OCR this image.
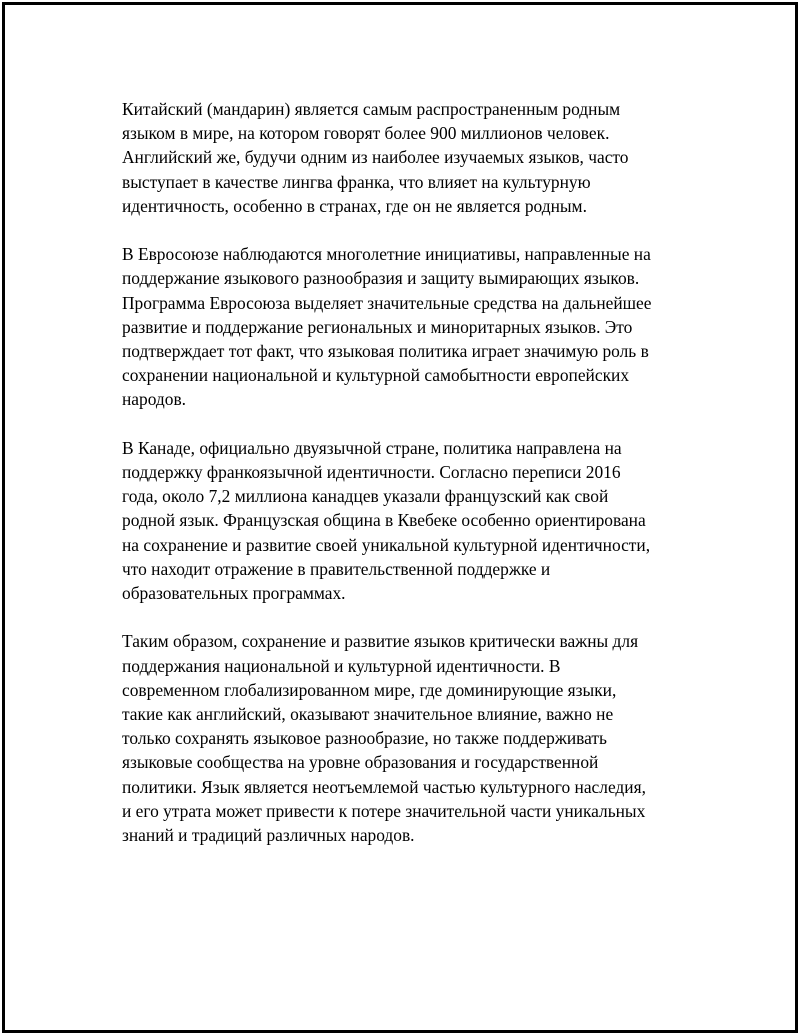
Китайский (мандарин) является самым распространенным родным
языком в мире, на котором говорят более 900 миллионов человек.
Английский же, будучи одним из наиболее изучаемых языков, часто
выступает в качестве лингва франка, что влияет на культурную
идентичность, особенно в странах, где он не является родным.

В Евросоюзе наблюдаются многолетние инициативы, направленные на
поддержание языкового разнообразия и защиту вымирающих языков.
Программа Евросоюза выделяет значительные средства на дальнейшее
развитие и поддержание региональных и миноритарных языков. Это
подтверждает тот факт, что языковая политика играет значимую роль в
сохранении национальной и культурной самобытности европейских
народов.

В Канаде, официально двуязычной стране, политика направлена на
поддержку франкоязычной идентичности. Согласно переписи 2016
года, около 7,2 миллиона канадцев указали французский как свой
родной язык. Французская община в Квебеке особенно ориентирована
на сохранение и развитие своей уникальной культурной идентичности,
что находит отражение в правительственной поддержке и
образовательных программах.

Таким образом, сохранение и развитие языков критически важны для
поддержания национальной и культурной идентичности. В
современном глобализированном мире, где доминирующие языки,
такие как английский, оказывают значительное влияние, важно не
только сохранять языковое разнообразие, но также поддерживать
языковые сообщества на уровне образования и государственной
политики. Язык является неотъемлемой частью культурного наследия,
и его утрата может привести к потере значительной части уникальных
знаний и традиций различных народов.
